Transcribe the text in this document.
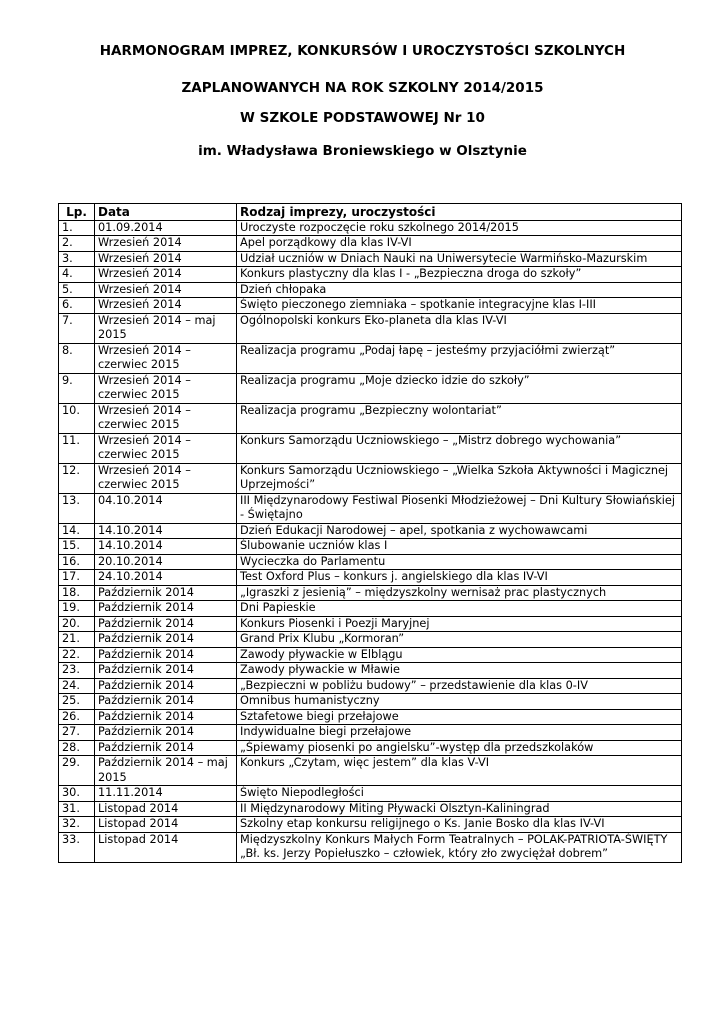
HARMONOGRAM IMPREZ, KONKURSÓW I UROCZYSTOŚCI SZKOLNYCH
ZAPLANOWANYCH NA ROK SZKOLNY 2014/2015
W SZKOLE PODSTAWOWEJ Nr 10
im. Władysława Broniewskiego w Olsztynie
Lp.	Data	Rodzaj imprezy, uroczystości
1.	01.09.2014	Uroczyste rozpoczęcie roku szkolnego 2014/2015
2.	Wrzesień 2014	Apel porządkowy dla klas IV-VI
3.	Wrzesień 2014	Udział uczniów w Dniach Nauki na Uniwersytecie Warmińsko-Mazurskim
4.	Wrzesień 2014	Konkurs plastyczny dla klas I - „Bezpieczna droga do szkoły”
5.	Wrzesień 2014	Dzień chłopaka
6.	Wrzesień 2014	Święto pieczonego ziemniaka – spotkanie integracyjne klas I-III
7.	Wrzesień 2014 – maj 2015	Ogólnopolski konkurs Eko-planeta dla klas IV-VI
8.	Wrzesień 2014 – czerwiec 2015	Realizacja programu „Podaj łapę – jesteśmy przyjaciółmi zwierząt”
9.	Wrzesień 2014 – czerwiec 2015	Realizacja programu „Moje dziecko idzie do szkoły”
10.	Wrzesień 2014 – czerwiec 2015	Realizacja programu „Bezpieczny wolontariat”
11.	Wrzesień 2014 – czerwiec 2015	Konkurs Samorządu Uczniowskiego – „Mistrz dobrego wychowania”
12.	Wrzesień 2014 – czerwiec 2015	Konkurs Samorządu Uczniowskiego – „Wielka Szkoła Aktywności i Magicznej Uprzejmości”
13.	04.10.2014	III Międzynarodowy Festiwal Piosenki Młodzieżowej – Dni Kultury Słowiańskiej - Świętajno
14.	14.10.2014	Dzień Edukacji Narodowej – apel, spotkania z wychowawcami
15.	14.10.2014	Ślubowanie uczniów klas I
16.	20.10.2014	Wycieczka do Parlamentu
17.	24.10.2014	Test Oxford Plus – konkurs j. angielskiego dla klas IV-VI
18.	Październik 2014	„Igraszki z jesienią” – międzyszkolny wernisaż prac plastycznych
19.	Październik 2014	Dni Papieskie
20.	Październik 2014	Konkurs Piosenki i Poezji Maryjnej
21.	Październik 2014	Grand Prix Klubu „Kormoran”
22.	Październik 2014	Zawody pływackie w Elblągu
23.	Październik 2014	Zawody pływackie w Mławie
24.	Październik 2014	„Bezpieczni w pobliżu budowy” – przedstawienie dla klas 0-IV
25.	Październik 2014	Omnibus humanistyczny
26.	Październik 2014	Sztafetowe biegi przełajowe
27.	Październik 2014	Indywidualne biegi przełajowe
28.	Październik 2014	„Śpiewamy piosenki po angielsku”-występ dla przedszkolaków
29.	Październik 2014 – maj 2015	Konkurs „Czytam, więc jestem” dla klas V-VI
30.	11.11.2014	Święto Niepodległości
31.	Listopad 2014	II Międzynarodowy Miting Pływacki Olsztyn-Kaliningrad
32.	Listopad 2014	Szkolny etap konkursu religijnego o Ks. Janie Bosko dla klas IV-VI
33.	Listopad 2014	Międzyszkolny Konkurs Małych Form Teatralnych – POLAK-PATRIOTA-ŚWIĘTY „Bł. ks. Jerzy Popiełuszko – człowiek, który zło zwyciężał dobrem”
